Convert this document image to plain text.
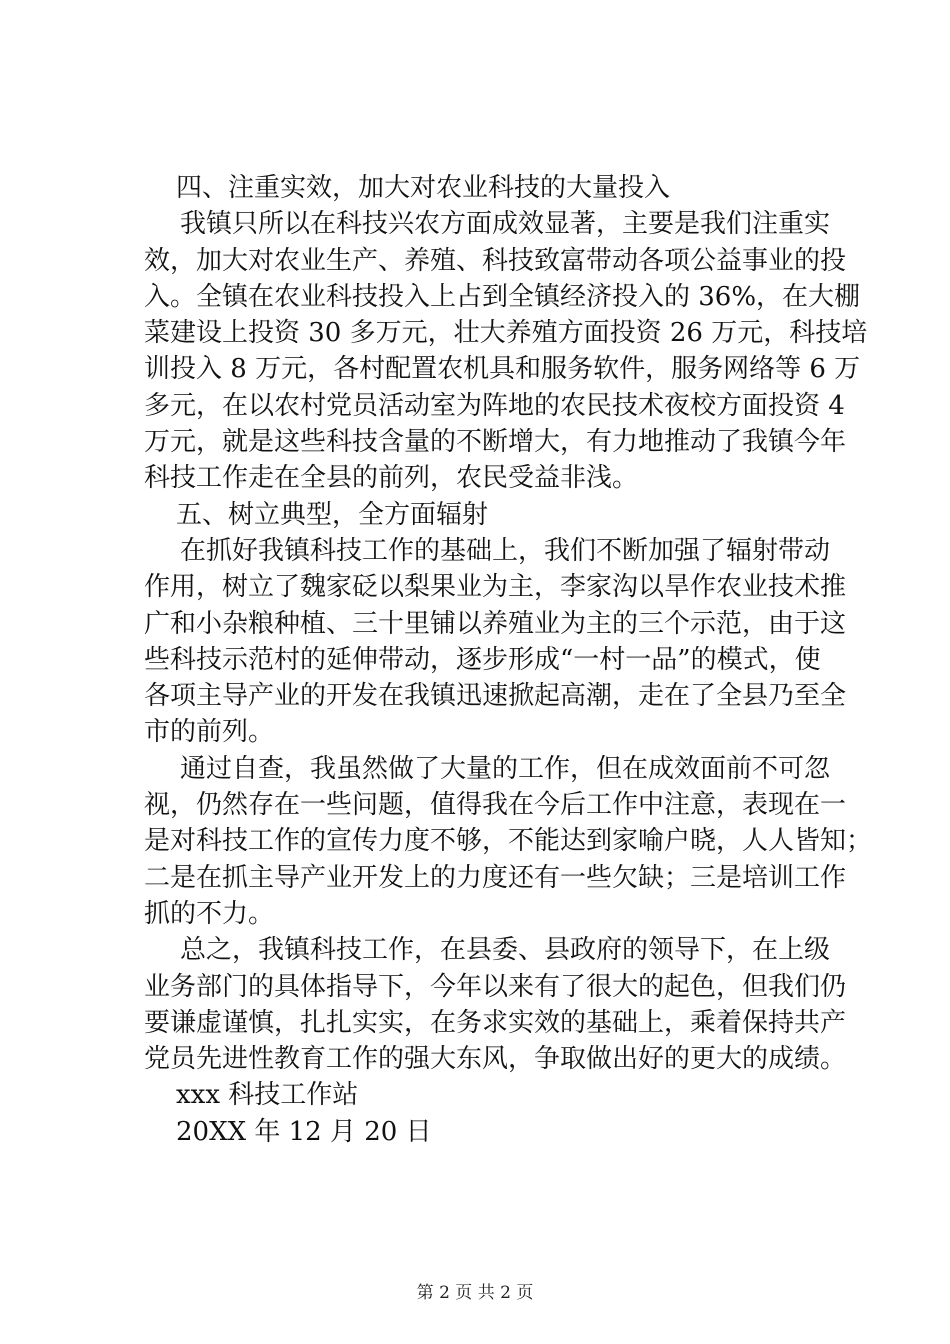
四、注重实效，加大对农业科技的大量投入
我镇只所以在科技兴农方面成效显著，主要是我们注重实
效，加大对农业生产、养殖、科技致富带动各项公益事业的投
入。全镇在农业科技投入上占到全镇经济投入的 36%，在大棚
菜建设上投资 30 多万元，壮大养殖方面投资 26 万元，科技培
训投入 8 万元，各村配置农机具和服务软件，服务网络等 6 万
多元，在以农村党员活动室为阵地的农民技术夜校方面投资 4
万元，就是这些科技含量的不断增大，有力地推动了我镇今年
科技工作走在全县的前列，农民受益非浅。
五、树立典型，全方面辐射
在抓好我镇科技工作的基础上，我们不断加强了辐射带动
作用，树立了魏家砭以梨果业为主，李家沟以旱作农业技术推
广和小杂粮种植、三十里铺以养殖业为主的三个示范，由于这
些科技示范村的延伸带动，逐步形成“一村一品”的模式，使
各项主导产业的开发在我镇迅速掀起高潮，走在了全县乃至全
市的前列。
通过自查，我虽然做了大量的工作，但在成效面前不可忽
视，仍然存在一些问题，值得我在今后工作中注意，表现在一
是对科技工作的宣传力度不够，不能达到家喻户晓，人人皆知；
二是在抓主导产业开发上的力度还有一些欠缺；三是培训工作
抓的不力。
总之，我镇科技工作，在县委、县政府的领导下，在上级
业务部门的具体指导下，今年以来有了很大的起色，但我们仍
要谦虚谨慎，扎扎实实，在务求实效的基础上，乘着保持共产
党员先进性教育工作的强大东风，争取做出好的更大的成绩。
xxx 科技工作站
20XX 年 12 月 20 日
第 2 页 共 2 页
